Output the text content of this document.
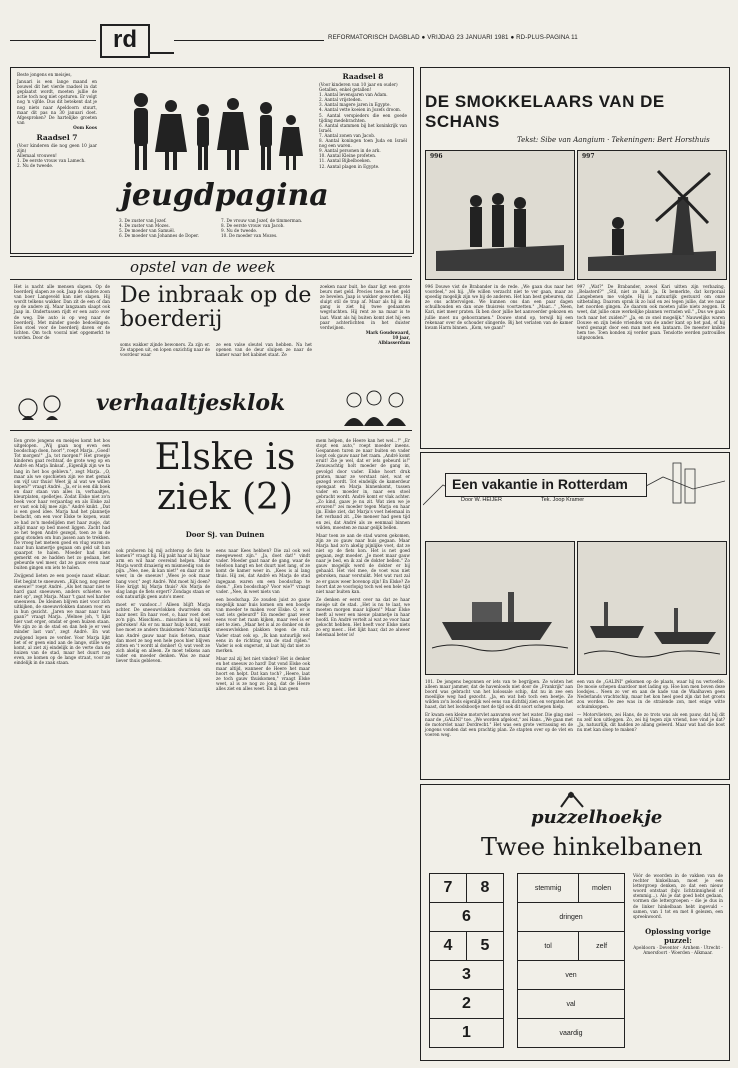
rd	REFORMATORISCH DAGBLAD ● VRIJDAG 23 JANUARI 1981 ● RD-PLUS-PAGINA 11
Beste jongens en meisjes,
Januari is een lange maand en bouwel dit het vierde raadsel in dat geplaatst wordt, moeten jullie de actie toch nog niet opsturen. Er volgt nog 'n vijfde. Dus dit betekent dat je nog niets naar Apeldoorn stuurt, maar dit pas na 30 januari doet. Afgesproken? De hartelijke groeten van
Oom Koos
Raadsel 7
(Voor kinderen die nog geen 10 jaar zijn)
Allemaal vrouwen!
1. De eerste vrouw van Lamech.
2. Nu de tweede.
jeugdpagina
3. De zuster van Jozef.
4. De zuster van Mozes.
5. De moeder van Samuël.
6. De moeder van Johannes de Doper.
7. De vrouw van Jozef, de timmerman.
8. De eerste vrouw van Jacob.
9. Nu de tweede.
10. De moeder van Mozes.
Raadsel 8
(Voor kinderen van 10 jaar en ouder)
Getallen, enkel getallen!
1. Aantal levensjaren van Adam.
2. Aantal vrijsteden.
3. Aantal magere jaren in Egypte.
4. Aantal vette koeien in Jozefs droom.
5. Aantal verspieders die een goede tijding medebrachten.
6. Aantal stammen bij het koninkrijk van Israël.
7. Aantal zonen van Jacob.
8. Aantal koningen toen Juda en Israël nog een waren.
9. Aantal personen in de ark.
10. Aantal Kleine profeten.
11. Aantal Bijbelboeken.
12. Aantal plagen in Egypte.
opstel van de week
Het is nacht alle mensen slapen. Op de boerderij slapen ze ook. Jaap de oudste zoon van boer Langeveld kan niet slapen. Hij wordt telkens wakker. Dan zit de een of dan op de andere zij. Maar langzaam slaapt ook Jaap in. Ondertussen rijdt er een auto over de weg. Die auto is op weg naar de boerderij. Met minder goede bedoelingen. Een stoel voor de boerderij daven er de lichten. Om toch vooral niet opgemerkt te worden. Door de
De inbraak op de boerderij
soms wakker zijnde bewoners. Za zijn er. Ze stappen uit, en lopen onzichtig naar de voordeur waar
ze een valse sleutel van hebben. Na het openen van de deur sluipen ze naar de kamer waar het kabinet staat. Ze
zoeken naar buit, he daar ligt een grote beurs met geld. Precies toen ze het geld ze bevelen. Jaap is wakker geworden. Hij sluipt stil de trap af. Maar als hij in de gang is ziet hij twee gedaanten wegvluchten. Hij rent ze na maar is te laat. Want als hij buiten komt ziet hij een paar achterlichten in het duister verdwijnen.
Mark Goudswaard,
10 jaar,
Alblasserdam
verhaaltjesklok
Een grote jongens en meisjes komt het bos uitgelopen. „Wij gaan nog even een boodschap doen, hoor!", roept Marja. „Goed! Tot morgen!" „Ja, tot morgen!" Het groepje kinderen gaat rechtsaf, de grote weg op en André en Marja linksaf. „Eigenlijk zijn we ta lang in het bos geblevn.", zegt Marja. „O, maar als we opschieten zijn we met gemak om vijf uur thuis! Weet jij al wat we willen kopen?" vraagt André. „Ja, er is een dik boek en daar staan van alles in, verhaaltjes, kleurplaten, spelletjes. Zodat Elske niet zo'n boek voor haar verjaardag en als Elske zal er vast ook blij mee zijn." André knikt. „Dat is een goed idee. Marja had het plannetje bedacht, om een voor Elske te kopen, want ze had zo'n medelijden met haar zusje, dat altijd maar op bed moest liggen. Zacht had ze het tegen André gezegd, toen ze in de gang stonden om hun jassen aan te trekken. De vroeg het meteen goed en vlug waren ze naar hun kamertje gegaan om geld uit hun spaarpot te halen. Moeder had niets gemerkt en ze hadden het zo gedaan, het gebeurde wel meer, dat ze gauw even naar buiten gingen om iets te halen.
Zwijgend lieten ze een poosje naast elkaar. Het begint te sneeuwen. „Kijk nog, nog meer sneeuw!" roept André. „Als het maar niet te hard gaat sneeuwen, anders schieten we niet op", zegt Marja. Maar 't gaat wel harder sneeuwen. De kleinen blijven niet voor zich uitkijken, de sneeuwvlokken dansen voor en in hun gezicht. „Jaren we maar naar huis gaan?" vraagt Marja. „Welnee joh, 't lijkt hier vast erger, omdat er geen huizen staan. We zijn zo in de stad en dan heb je er veel minder last van", zegt André. En wat zwijgend lopen ze verder. Voor Marja lijkt het of er geen eind aan de lange, stille weg komt, al ziet zij eindelijk in de verte dan de huizen van de stad, maar het duurt nog even, ze komen op de lange straat, voor ze eindelijk in de zaak staan.
Elske is ziek (2)
Door Sj. van Duinen
ook proberen bij mij achterop de fiets te komen?" vraagt hij. Hij pakt haar al bij haar arm en wil haar overeind helpen. Maar Marja wordt draaierig en mismoedig van de pijn. „Nee, nee, ik kan niet!" en daar zit ze weer, in de sneeuw! „Wees je ook maar bang voor," zegt André. Wat moet hij doen? Hoe krijgt hij Marja thuis? Als Marja de slag langs de fiets ergert? Zondags staan er ook natuurlijk geen auto's meer.
moet er vandoor...! Alleen blijft Marja achter. De sneeuwvlokken dwarrelen om haar neer. En haar voet, o, haar voet doet zo'n pijn. Misschien... misschien is hij wel gebroken! Als er nu maar hulp komt, want hoe moet ze anders thuiskomen? Natuurlijk kan André gauw naar huis fietsen, maar dan moet ze nog een hele poos hier blijven zitten en 't wordt al donker! O, wat voelt ze zich akelig en alleen. Ze moet telkens aan vader en moeder denken. Was ze maar liever thuis gebleven.
eens naar Kees hebben? Die zal ook wel meegeweest zijn." „Ja, doet dat!" vindt vader. Moeder gaat naar de gang, waar de telefoon hangt en het duurt niet lang, of ze komt de kamer weer in. „Kees is al lang thuis. Hij zei, dat André en Marja de stad ingegaan waren om een boodschap te doen." „Een boodschap? Voor wie?" vraagt vader. „Nee, ik weet niets van
een boodschap. Ze zouden juist zo gauw mogelijk naar huis komen om een boodje van moeder te maken voor Elske. O, er is vast iets gebeurd!" En moeder gaat weer eens voor het raam kijken, maar veel is er niet te zien. „Maar het is al zo donker en de sneeuwvlokken plakken tegen de ruit. Vader staat ook op. „Ik kan natuurlijk wel eens in de richting van de stad rijden." Vader is ook ongerust, al laat hij dat niet zo merken.
Maar zal zij het niet vinden? Het is denker en het sneeuw zo hard! Dat vond Elske ook maar altijd, wanneer de Heere het maar hoort en helpt. Dat kan toch? „Heere, laat ze toch gauw thuiskomen," vraagt Elske weet, al is ze nog zo jong, dat de Heere alles ziet en alles weet. En al kan geen
mem helpen, de Heere kan het wel...!" „Er stopt een auto," roept moeder ineens. Gespannen turen ze naar buiten en vader loopt ook gauw naar het raam. „André komt eruit! Zie je wel, dat er iets gebeurd is!" Zenuwachtig holt moeder de gang in, gevolgd door vader. Elske hoort druk praten, maar ze verstaat niet, wat er gezegd wordt. Tot eindelijk de kamerdeur opengaat en Marja binnenkomt, tussen vader en moeder in, naar een stoel gebracht wordt. André komt er vlak achter. „Zo kind, gaaw je nu zit. Wat zien we je ervaren!" zei moeder tegen Marja en haar ijn. Elske ziet, dat Marja's voet helemaal in het verband zit. „Die meneer had geen tijd en zei, dat André als ze eenmaal binnen wilden, moesten ze maar gelijk bellen.
Maar toen ze aan de stad waren gekomen, zijn ze zo gauw naar huis gegaan. Maar Marja had zo'n akelig pijnlijke voet, dat ze niet op de fiets kon. Het is net goed gegaan, zegt moeder. „Je moet maar gauw naar je bed, en ik zal de dokter bellen." Zo gauw mogelijk werd de dokter er bij gehaald. Het viel mee, de voet was niet gebroken, maar verstuikt. Met wat rust zal ze er gauw weer bovenop zijn! En Elske? Ze hoort dat ze voorlopig toch wel een hele tijd niet naar buiten kan.
Ze denken er eerst over na dat ze haar meisje uit de stad. „Het is nu te laat, we moeten morgen maar kijken!" Maar Elske heeft al weer een nieuw plannetje in haar hoofd. En André vertelt al wat ze voor haar gekocht hebben. Het heeft voor Elske niets zo erg meer... Het lijkt haar, dat ze alweer helemaal beter is!
DE SMOKKELAARS VAN DE SCHANS
Tekst: Sibe van Aangium · Tekeningen: Bert Horsthuis
996	997
996 Douwe vist de Brabander in de rede. „We gaan dus naar het voordeel," zei hij. „We willen verzacht niet te ver gaan, maar zo spoedig mogelijk zijn we bij de anderen. Het kan best gebeuren, dat ze ons achtervolgen. We kunnen ons dan een paar dagen schuilhouden en dan onze thuisreis voortzetten." „Maar..." „Neen, Kari, niet meer praten. Ik ben door jullie het aanvoerder gekozen en jullie moet nu gehoorzamen." Douwe stond op, terwijl hij een rekenaar over de schouder slingerde. Bij het verlaten van de kamer kwam Harm binnen. „Kom, we gaan!"
997 „Wat?" De Brabander, zowel Kari uitten zijn verbazing. „Belasterd?" „Stil, niet zo luid. Ja. Ik bemerkte, dat korporaal Langebenen me volgde. Hij is natuurlijk gestuurd om onze uitbetaling. Daarom sprak ik zo luid en zei tegen jullie, dat we naar het noorden gingen. Ze daarom ook moeten jullie niets zeggen. Ik weet, dat jullie onze werkelijke plannen verraden wil." „Dus we gaan toch naar het zuiden?" „Ja, en zo snel mogelijk." Nauwelijks waren Douwe en zijn beide vrienden van de ander kant op het pad, of hij werd gesnapt door een man met een lantaarn. De meester knikte hem toe. Toen konden zij verder gaan. Tenslotte werden patrouilles uitgezonden.
Een vakantie in Rotterdam
Door W. HEIJER	Tek. Joop Kramer
101. De jongens begonnen er iets van te begrijpen. Ze wisten het alleen maar jammer, dat de havenloods niet door de „Frankrijk" aan boord was gebracht van het kolossale schip, dat nu in zee een moeilijke weg had gezocht. „Ja, en wat heb toch een beetje. Ze wilden zo'n loods eigenlijk wel eens van dichtbij zien en vergaten het haast, dat het loodsbootje met de tijd ook dit soort schepen hielp.
Er kwam een kleine motorvlet aanvaren over het water. Die ging snel naar de „GALINI" toe. „We worden afgelost," zei Hans. „We gaan met de motorvlet naar Dordrecht." Het was een grote verrassing en de jongens vonden dat een prachtig plan. Ze stapten over op de vlet en voeren weg.
een van de „GALINI" gekomen op de plaats, waar hij nu vertoefde. De mooie schepen daardoor met lading op. Hoe kon men boven deze loodsjes... Neen zo ver en aan de kade van de Waalhaven geen Nederlands vrachtschip, maar het kon heel goed zijn dat het groots zou worden. De zee was in de stralende zon, met enige witte schuimkoppen.
— Motorvlieters, zei Hans, de zo trots was als een pauw, dat hij dit nu zelf kon uitleggen. Zo, zei hij tegen zijn vriend, hoe vind je dat? „Ja, natuurlijk, dit hadden ze allang geleerd. Maar wat had die boot nu met kan sloep te maken?
puzzelhoekje
Twee hinkelbanen
7	8
6	
4	5
3	
2	
1	
stemmig	molen
dringen	
tol	zelf
ven	
val	
vaardig	
Vóór de woorden in de vakken van de rechter hinkelbaan, moet je een lettergroep denken, zo dat een nieuw woord ontstaat (bijv. lichtzinnigheid of stemmig...). Als je dat goed hebt gedaan, vormen die lettergroepen – die je dus in de linker hinkelbaan hebt ingevuld – samen, van 1 tot en met 8 gelezen, een spreekwoord.
Oplossing vorige puzzel:
Apeldoorn · Deventer · Arnhem · Utrecht · Amersfoort · Woerden · Alkmaar.
